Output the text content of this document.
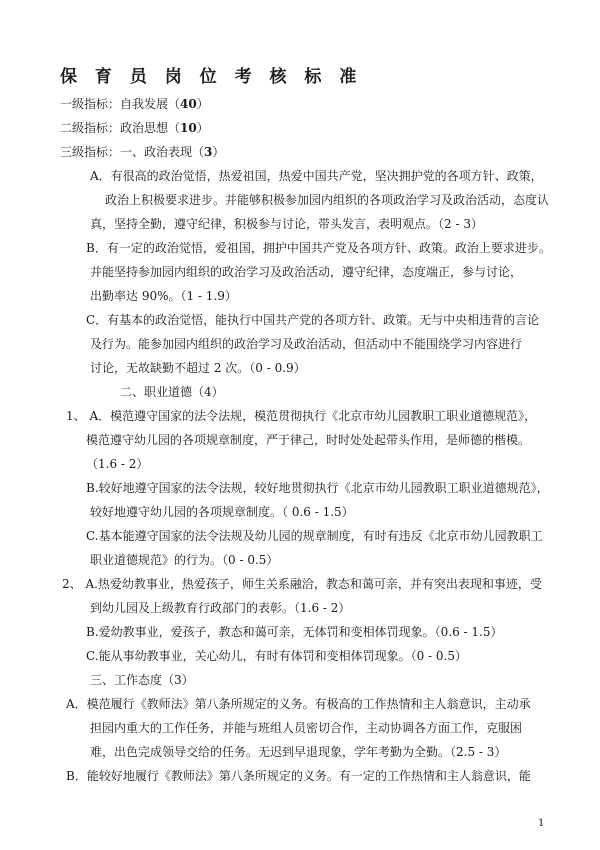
保 育 员 岗 位 考 核 标 准
一级指标：自我发展（40）
二级指标：政治思想（10）
三级指标：一、政治表现（3）
A．有很高的政治觉悟，热爱祖国，热爱中国共产党，坚决拥护党的各项方针、政策，
政治上积极要求进步。并能够积极参加园内组织的各项政治学习及政治活动，态度认
真，坚持全勤，遵守纪律，积极参与讨论，带头发言，表明观点。（2 - 3）
B．有一定的政治觉悟，爱祖国，拥护中国共产党及各项方针、政策。政治上要求进步。
并能坚持参加园内组织的政治学习及政治活动，遵守纪律，态度端正，参与讨论，
出勤率达 90%。（1 - 1.9）
C．有基本的政治觉悟，能执行中国共产党的各项方针、政策。无与中央相违背的言论
及行为。能参加园内组织的政治学习及政治活动，但活动中不能围绕学习内容进行
讨论，无故缺勤不超过 2 次。（0 - 0.9）
二、职业道德（4）
1、 A．模范遵守国家的法令法规，模范贯彻执行《北京市幼儿园教职工职业道德规范》，
模范遵守幼儿园的各项规章制度，严于律己，时时处处起带头作用，是师德的楷模。
（1.6 - 2）
B.较好地遵守国家的法令法规，较好地贯彻执行《北京市幼儿园教职工职业道德规范》，
较好地遵守幼儿园的各项规章制度。（ 0.6 - 1.5）
C.基本能遵守国家的法令法规及幼儿园的规章制度，有时有违反《北京市幼儿园教职工
职业道德规范》的行为。（0 - 0.5）
2、 A.热爱幼教事业，热爱孩子，师生关系融洽，教态和蔼可亲，并有突出表现和事迹，受
到幼儿园及上级教育行政部门的表彰。（1.6 - 2）
B.爱幼教事业，爱孩子，教态和蔼可亲，无体罚和变相体罚现象。（0.6 - 1.5）
C.能从事幼教事业，关心幼儿，有时有体罚和变相体罚现象。（0 - 0.5）
三、工作态度（3）
A．模范履行《教师法》第八条所规定的义务。有极高的工作热情和主人翁意识，主动承
担园内重大的工作任务，并能与班组人员密切合作，主动协调各方面工作，克服困
难，出色完成领导交给的任务。无迟到早退现象，学年考勤为全勤。（2.5 - 3）
B．能较好地履行《教师法》第八条所规定的义务。有一定的工作热情和主人翁意识，能
1
